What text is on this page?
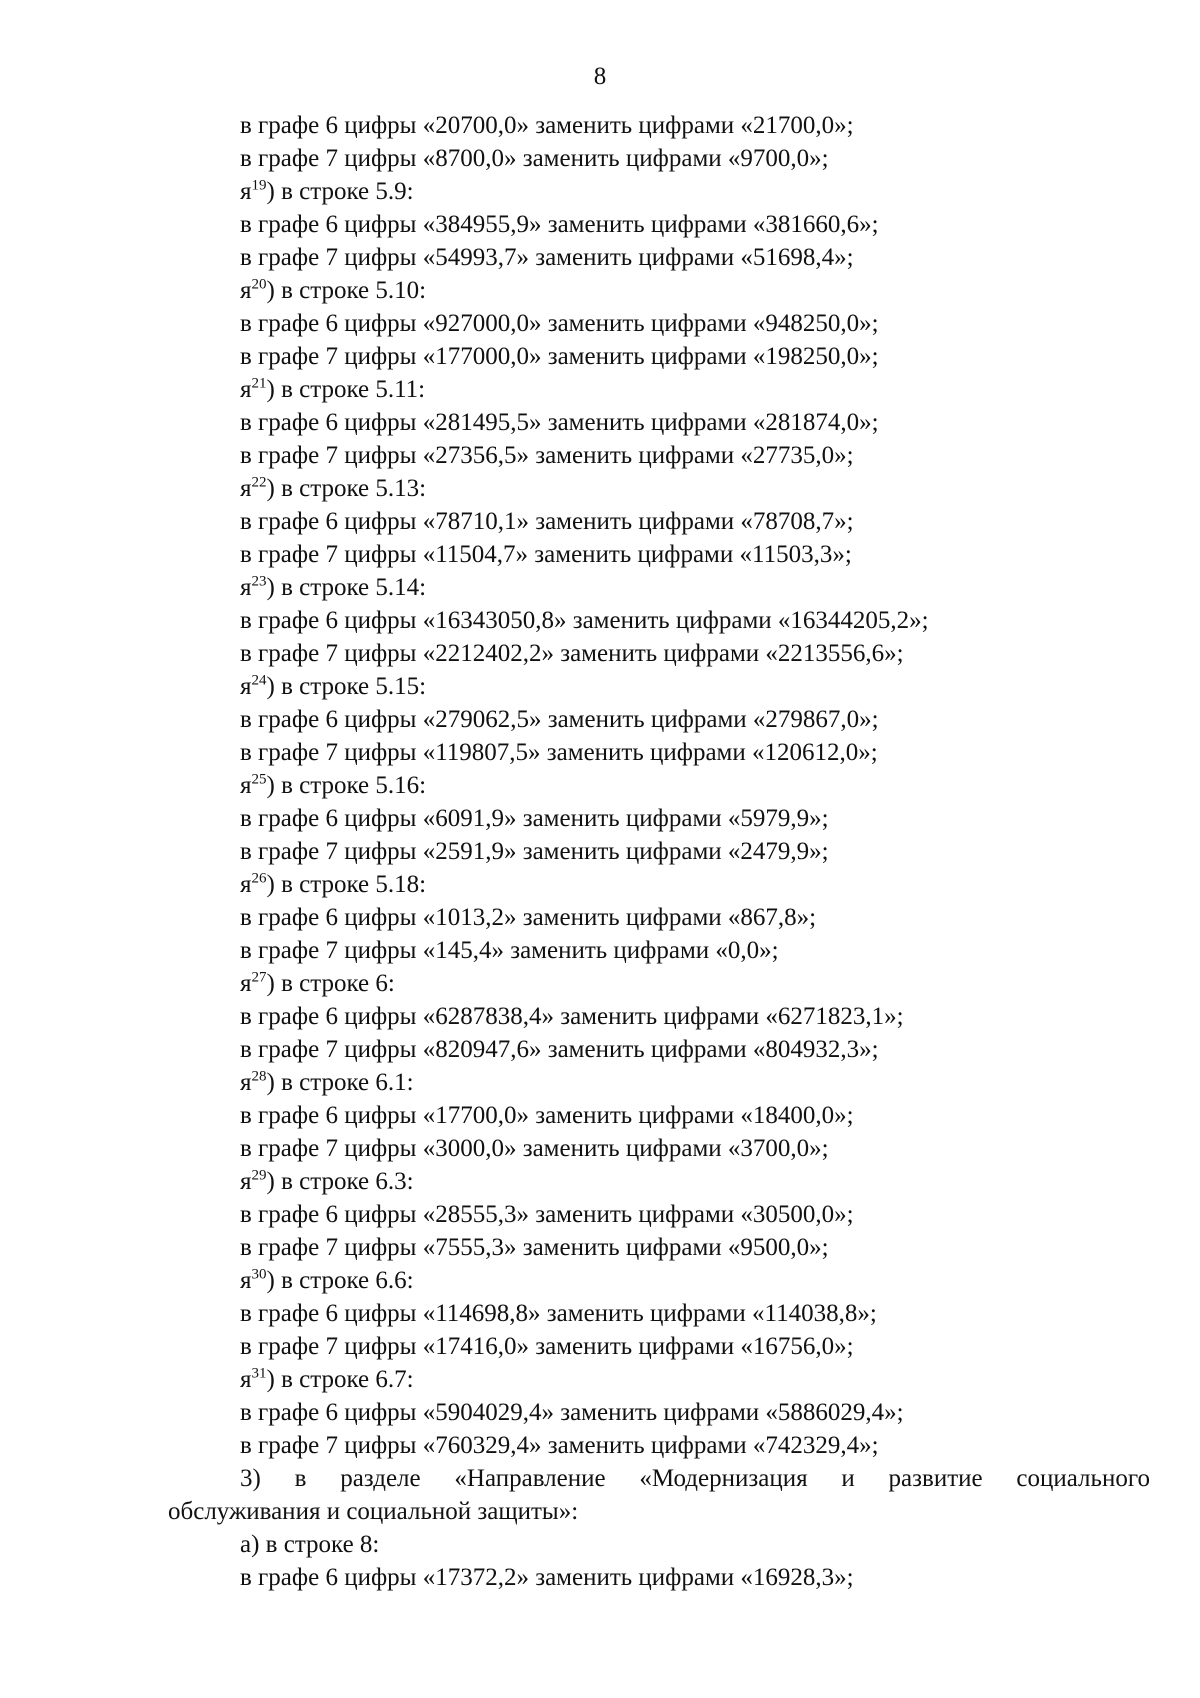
8
в графе 6 цифры «20700,0» заменить цифрами «21700,0»;
в графе 7 цифры «8700,0» заменить цифрами «9700,0»;
$я^{19}$) в строке 5.9:
в графе 6 цифры «384955,9» заменить цифрами «381660,6»;
в графе 7 цифры «54993,7» заменить цифрами «51698,4»;
$я^{20}$) в строке 5.10:
в графе 6 цифры «927000,0» заменить цифрами «948250,0»;
в графе 7 цифры «177000,0» заменить цифрами «198250,0»;
$я^{21}$) в строке 5.11:
в графе 6 цифры «281495,5» заменить цифрами «281874,0»;
в графе 7 цифры «27356,5» заменить цифрами «27735,0»;
$я^{22}$) в строке 5.13:
в графе 6 цифры «78710,1» заменить цифрами «78708,7»;
в графе 7 цифры «11504,7» заменить цифрами «11503,3»;
$я^{23}$) в строке 5.14:
в графе 6 цифры «16343050,8» заменить цифрами «16344205,2»;
в графе 7 цифры «2212402,2» заменить цифрами «2213556,6»;
$я^{24}$) в строке 5.15:
в графе 6 цифры «279062,5» заменить цифрами «279867,0»;
в графе 7 цифры «119807,5» заменить цифрами «120612,0»;
$я^{25}$) в строке 5.16:
в графе 6 цифры «6091,9» заменить цифрами «5979,9»;
в графе 7 цифры «2591,9» заменить цифрами «2479,9»;
$я^{26}$) в строке 5.18:
в графе 6 цифры «1013,2» заменить цифрами «867,8»;
в графе 7 цифры «145,4» заменить цифрами «0,0»;
$я^{27}$) в строке 6:
в графе 6 цифры «6287838,4» заменить цифрами «6271823,1»;
в графе 7 цифры «820947,6» заменить цифрами «804932,3»;
$я^{28}$) в строке 6.1:
в графе 6 цифры «17700,0» заменить цифрами «18400,0»;
в графе 7 цифры «3000,0» заменить цифрами «3700,0»;
$я^{29}$) в строке 6.3:
в графе 6 цифры «28555,3» заменить цифрами «30500,0»;
в графе 7 цифры «7555,3» заменить цифрами «9500,0»;
$я^{30}$) в строке 6.6:
в графе 6 цифры «114698,8» заменить цифрами «114038,8»;
в графе 7 цифры «17416,0» заменить цифрами «16756,0»;
$я^{31}$) в строке 6.7:
в графе 6 цифры «5904029,4» заменить цифрами «5886029,4»;
в графе 7 цифры «760329,4» заменить цифрами «742329,4»;
3) в разделе «Направление «Модернизация и развитие социального
обслуживания и социальной защиты»:
а) в строке 8:
в графе 6 цифры «17372,2» заменить цифрами «16928,3»;
